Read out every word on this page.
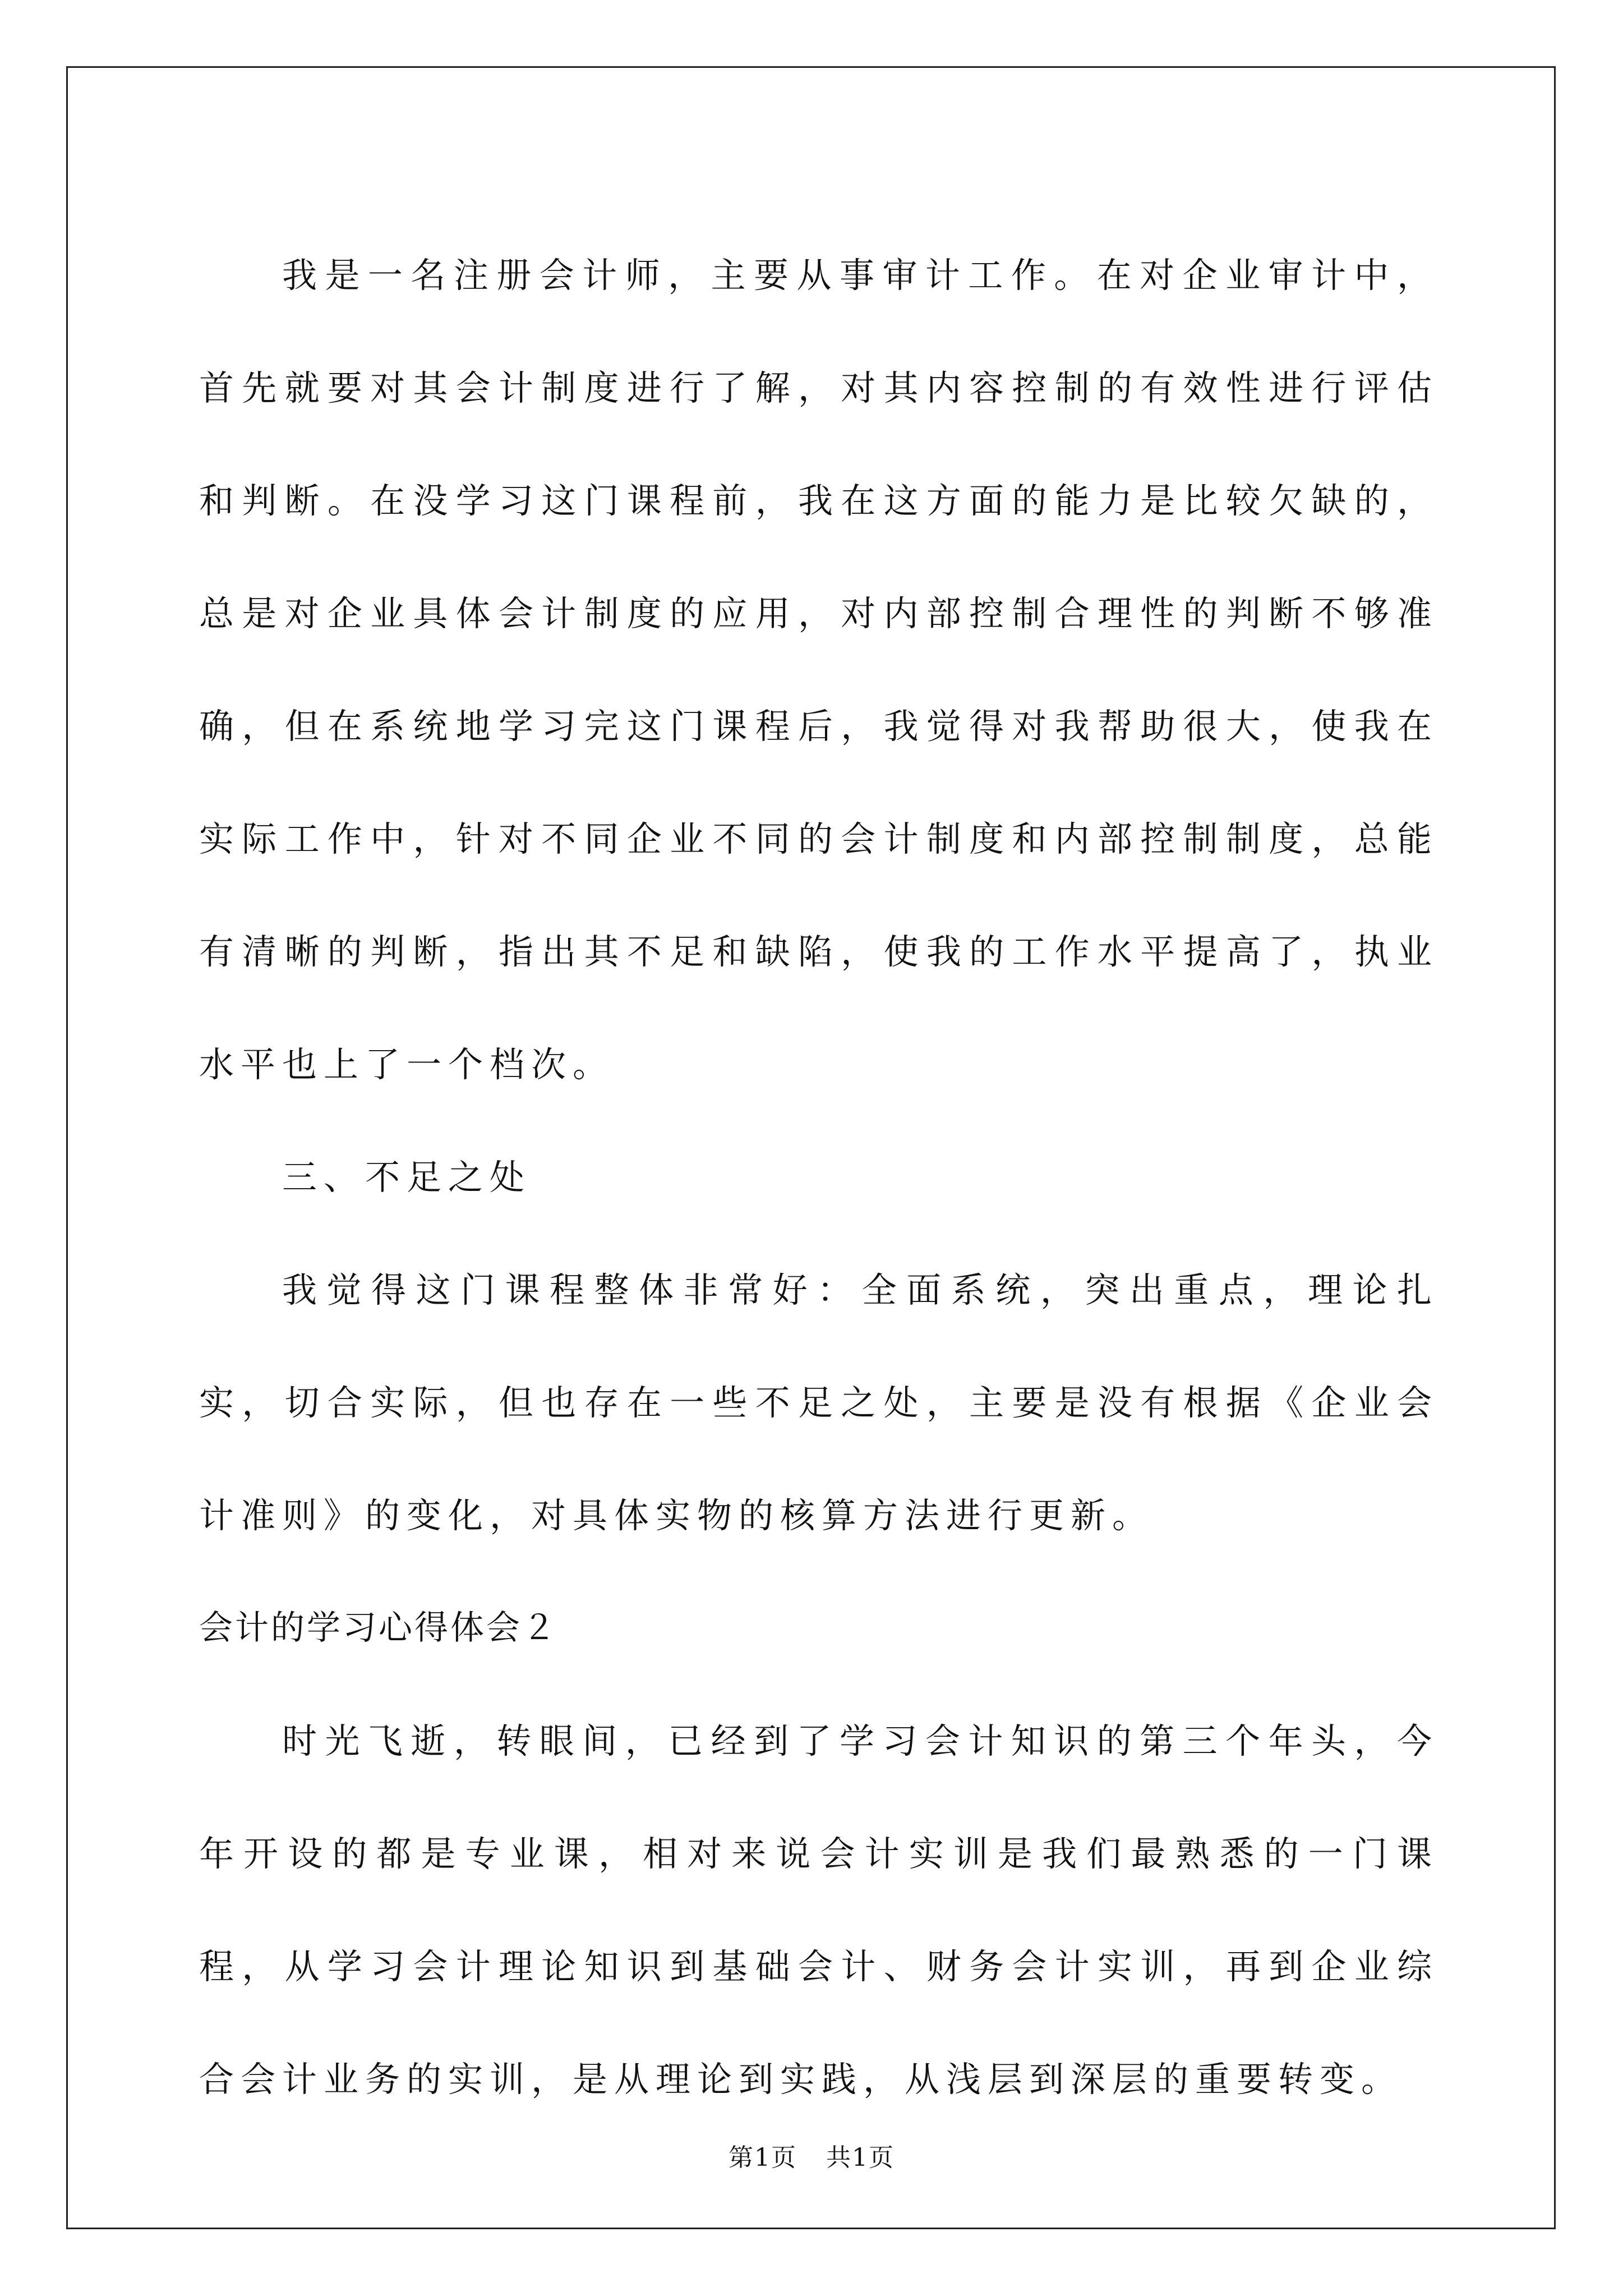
我是一名注册会计师，主要从事审计工作。在对企业审计中，首先就要对其会计制度进行了解，对其内容控制的有效性进行评估和判断。在没学习这门课程前，我在这方面的能力是比较欠缺的，总是对企业具体会计制度的应用，对内部控制合理性的判断不够准确，但在系统地学习完这门课程后，我觉得对我帮助很大，使我在实际工作中，针对不同企业不同的会计制度和内部控制制度，总能有清晰的判断，指出其不足和缺陷，使我的工作水平提高了，执业水平也上了一个档次。

三、不足之处

我觉得这门课程整体非常好：全面系统，突出重点，理论扎实，切合实际，但也存在一些不足之处，主要是没有根据《企业会计准则》的变化，对具体实物的核算方法进行更新。

会计的学习心得体会２

时光飞逝，转眼间，已经到了学习会计知识的第三个年头，今年开设的都是专业课，相对来说会计实训是我们最熟悉的一门课程，从学习会计理论知识到基础会计、财务会计实训，再到企业综合会计业务的实训，是从理论到实践，从浅层到深层的重要转变。

第1页 共1页
